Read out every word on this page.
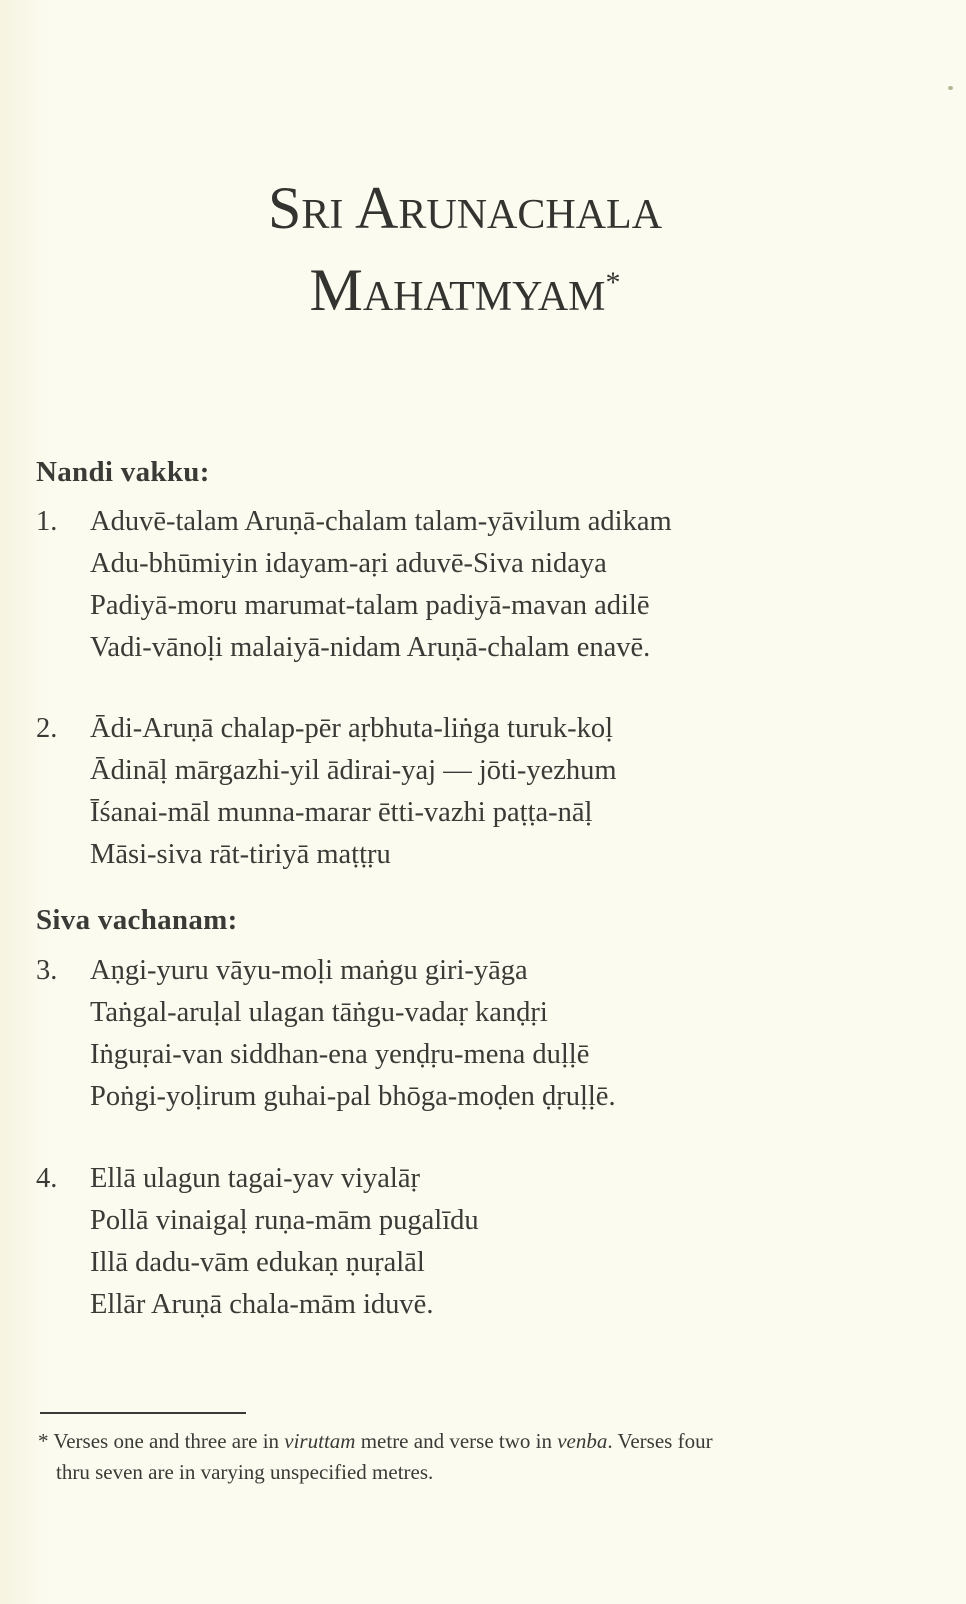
Sri Arunachala
Mahatmyam*
Nandi vakku:
1.	Aduvē-talam Aruṇā-chalam talam-yāvilum adikam
Adu-bhūmiyin idayam-aṛi aduvē-Siva nidaya
Padiyā-moru marumat-talam padiyā-mavan adilē
Vadi-vānoḷi malaiyā-nidam Aruṇā-chalam enavē.
2.	Ādi-Aruṇā chalap-pēr aṛbhuta-liṅga turuk-koḷ
Ādināḷ mārgazhi-yil ādirai-yaj — jōti-yezhum
Īśanai-māl munna-marar ētti-vazhi paṭṭa-nāḷ
Māsi-siva rāt-tiriyā maṭṭṛu
Siva vachanam:
3.	Aṇgi-yuru vāyu-moḷi maṅgu giri-yāga
Taṅgal-aruḷal ulagan tāṅgu-vadaṛ kanḍṛi
Iṅguṛai-van siddhan-ena yenḍṛu-mena duḷḷē
Poṅgi-yoḷirum guhai-pal bhōga-moḍen ḍṛuḷḷē.
4.	Ellā ulagun tagai-yav viyalāṛ
Pollā vinaigaḷ ruṇa-mām pugalīdu
Illā dadu-vām edukaṇ ṇuṛalāl
Ellār Aruṇā chala-mām iduvē.
* Verses one and three are in viruttam metre and verse two in venba. Verses four
thru seven are in varying unspecified metres.
